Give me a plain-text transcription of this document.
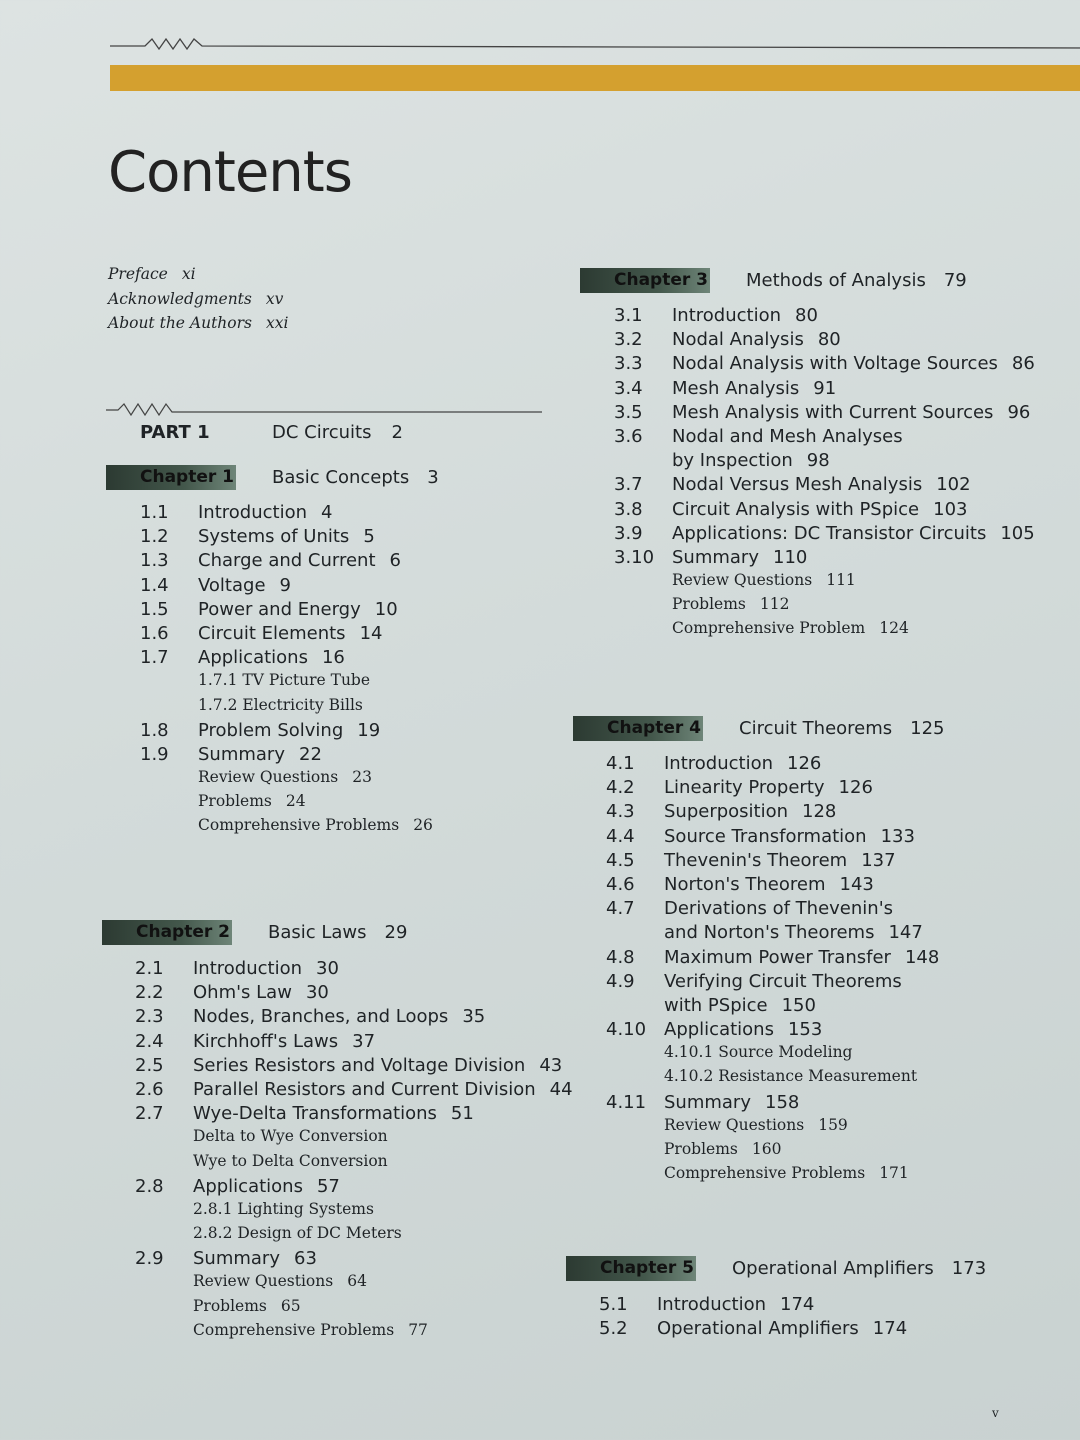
Contents
Preface xi
Acknowledgments xv
About the Authors xxi
PART 1	DC Circuits 2
Chapter 1 Basic Concepts 3
Chapter 2 Basic Laws 29
Chapter 3 Methods of Analysis 79
Chapter 4 Circuit Theorems 125
Chapter 5 Operational Amplifiers 173
1.1 Introduction 4
1.2 Systems of Units 5
1.3 Charge and Current 6
1.4 Voltage 9
1.5 Power and Energy 10
1.6 Circuit Elements 14
1.7 Applications 16
1.7.1 TV Picture Tube
1.7.2 Electricity Bills
1.8 Problem Solving 19
1.9 Summary 22
Review Questions 23
Problems 24
Comprehensive Problems 26
2.1 Introduction 30
2.2 Ohm's Law 30
2.3 Nodes, Branches, and Loops 35
2.4 Kirchhoff's Laws 37
2.5 Series Resistors and Voltage Division 43
2.6 Parallel Resistors and Current Division 44
2.7 Wye-Delta Transformations 51
Delta to Wye Conversion
Wye to Delta Conversion
2.8 Applications 57
2.8.1 Lighting Systems
2.8.2 Design of DC Meters
2.9 Summary 63
Review Questions 64
Problems 65
Comprehensive Problems 77
3.1 Introduction 80
3.2 Nodal Analysis 80
3.3 Nodal Analysis with Voltage Sources 86
3.4 Mesh Analysis 91
3.5 Mesh Analysis with Current Sources 96
3.6 Nodal and Mesh Analyses
by Inspection 98
3.7 Nodal Versus Mesh Analysis 102
3.8 Circuit Analysis with PSpice 103
3.9 Applications: DC Transistor Circuits 105
3.10 Summary 110
Review Questions 111
Problems 112
Comprehensive Problem 124
4.1 Introduction 126
4.2 Linearity Property 126
4.3 Superposition 128
4.4 Source Transformation 133
4.5 Thevenin's Theorem 137
4.6 Norton's Theorem 143
4.7 Derivations of Thevenin's
and Norton's Theorems 147
4.8 Maximum Power Transfer 148
4.9 Verifying Circuit Theorems
with PSpice 150
4.10 Applications 153
4.10.1 Source Modeling
4.10.2 Resistance Measurement
4.11 Summary 158
Review Questions 159
Problems 160
Comprehensive Problems 171
5.1 Introduction 174
5.2 Operational Amplifiers 174
v
